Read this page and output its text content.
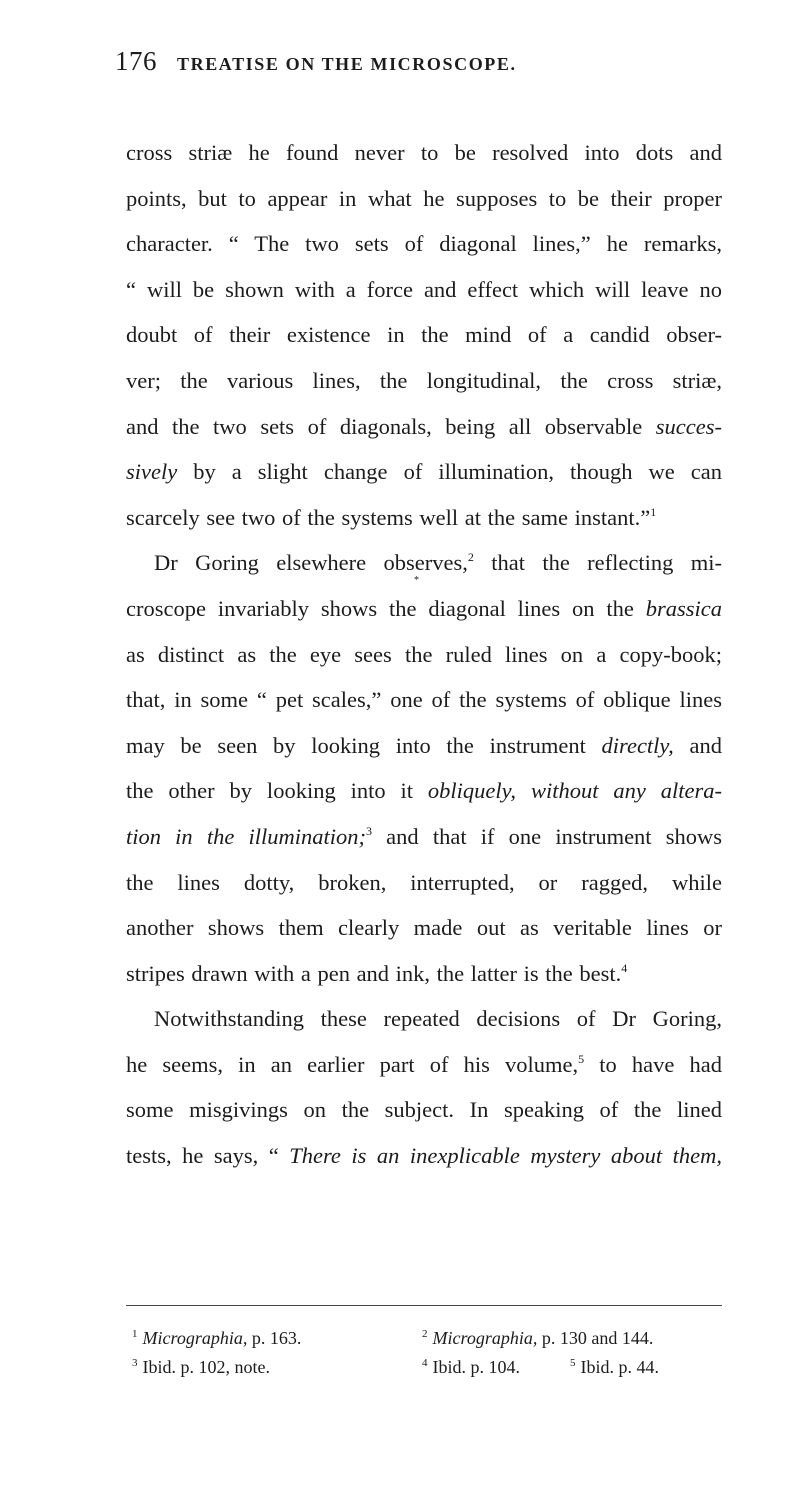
176 TREATISE ON THE MICROSCOPE.
cross striæ he found never to be resolved into dots and
points, but to appear in what he supposes to be their proper
character. “ The two sets of diagonal lines,” he remarks,
“ will be shown with a force and effect which will leave no
doubt of their existence in the mind of a candid obser-
ver; the various lines, the longitudinal, the cross striæ,
and the two sets of diagonals, being all observable succes-
sively by a slight change of illumination, though we can
scarcely see two of the systems well at the same instant.”$^1$
Dr Goring elsewhere observes,$^2$ that the reflecting mi-
*
croscope invariably shows the diagonal lines on the brassica
as distinct as the eye sees the ruled lines on a copy-book;
that, in some “ pet scales,” one of the systems of oblique lines
may be seen by looking into the instrument directly, and
the other by looking into it obliquely, without any altera-
tion in the illumination;$^3$ and that if one instrument shows
the lines dotty, broken, interrupted, or ragged, while
another shows them clearly made out as veritable lines or
stripes drawn with a pen and ink, the latter is the best.$^4$
Notwithstanding these repeated decisions of Dr Goring,
he seems, in an earlier part of his volume,$^5$ to have had
some misgivings on the subject. In speaking of the lined
tests, he says, “ There is an inexplicable mystery about them,
$^1$ Micrographia, p. 163.	$^2$ Micrographia, p. 130 and 144.
$^3$ Ibid. p. 102, note.	$^4$ Ibid. p. 104.	$^5$ Ibid. p. 44.
